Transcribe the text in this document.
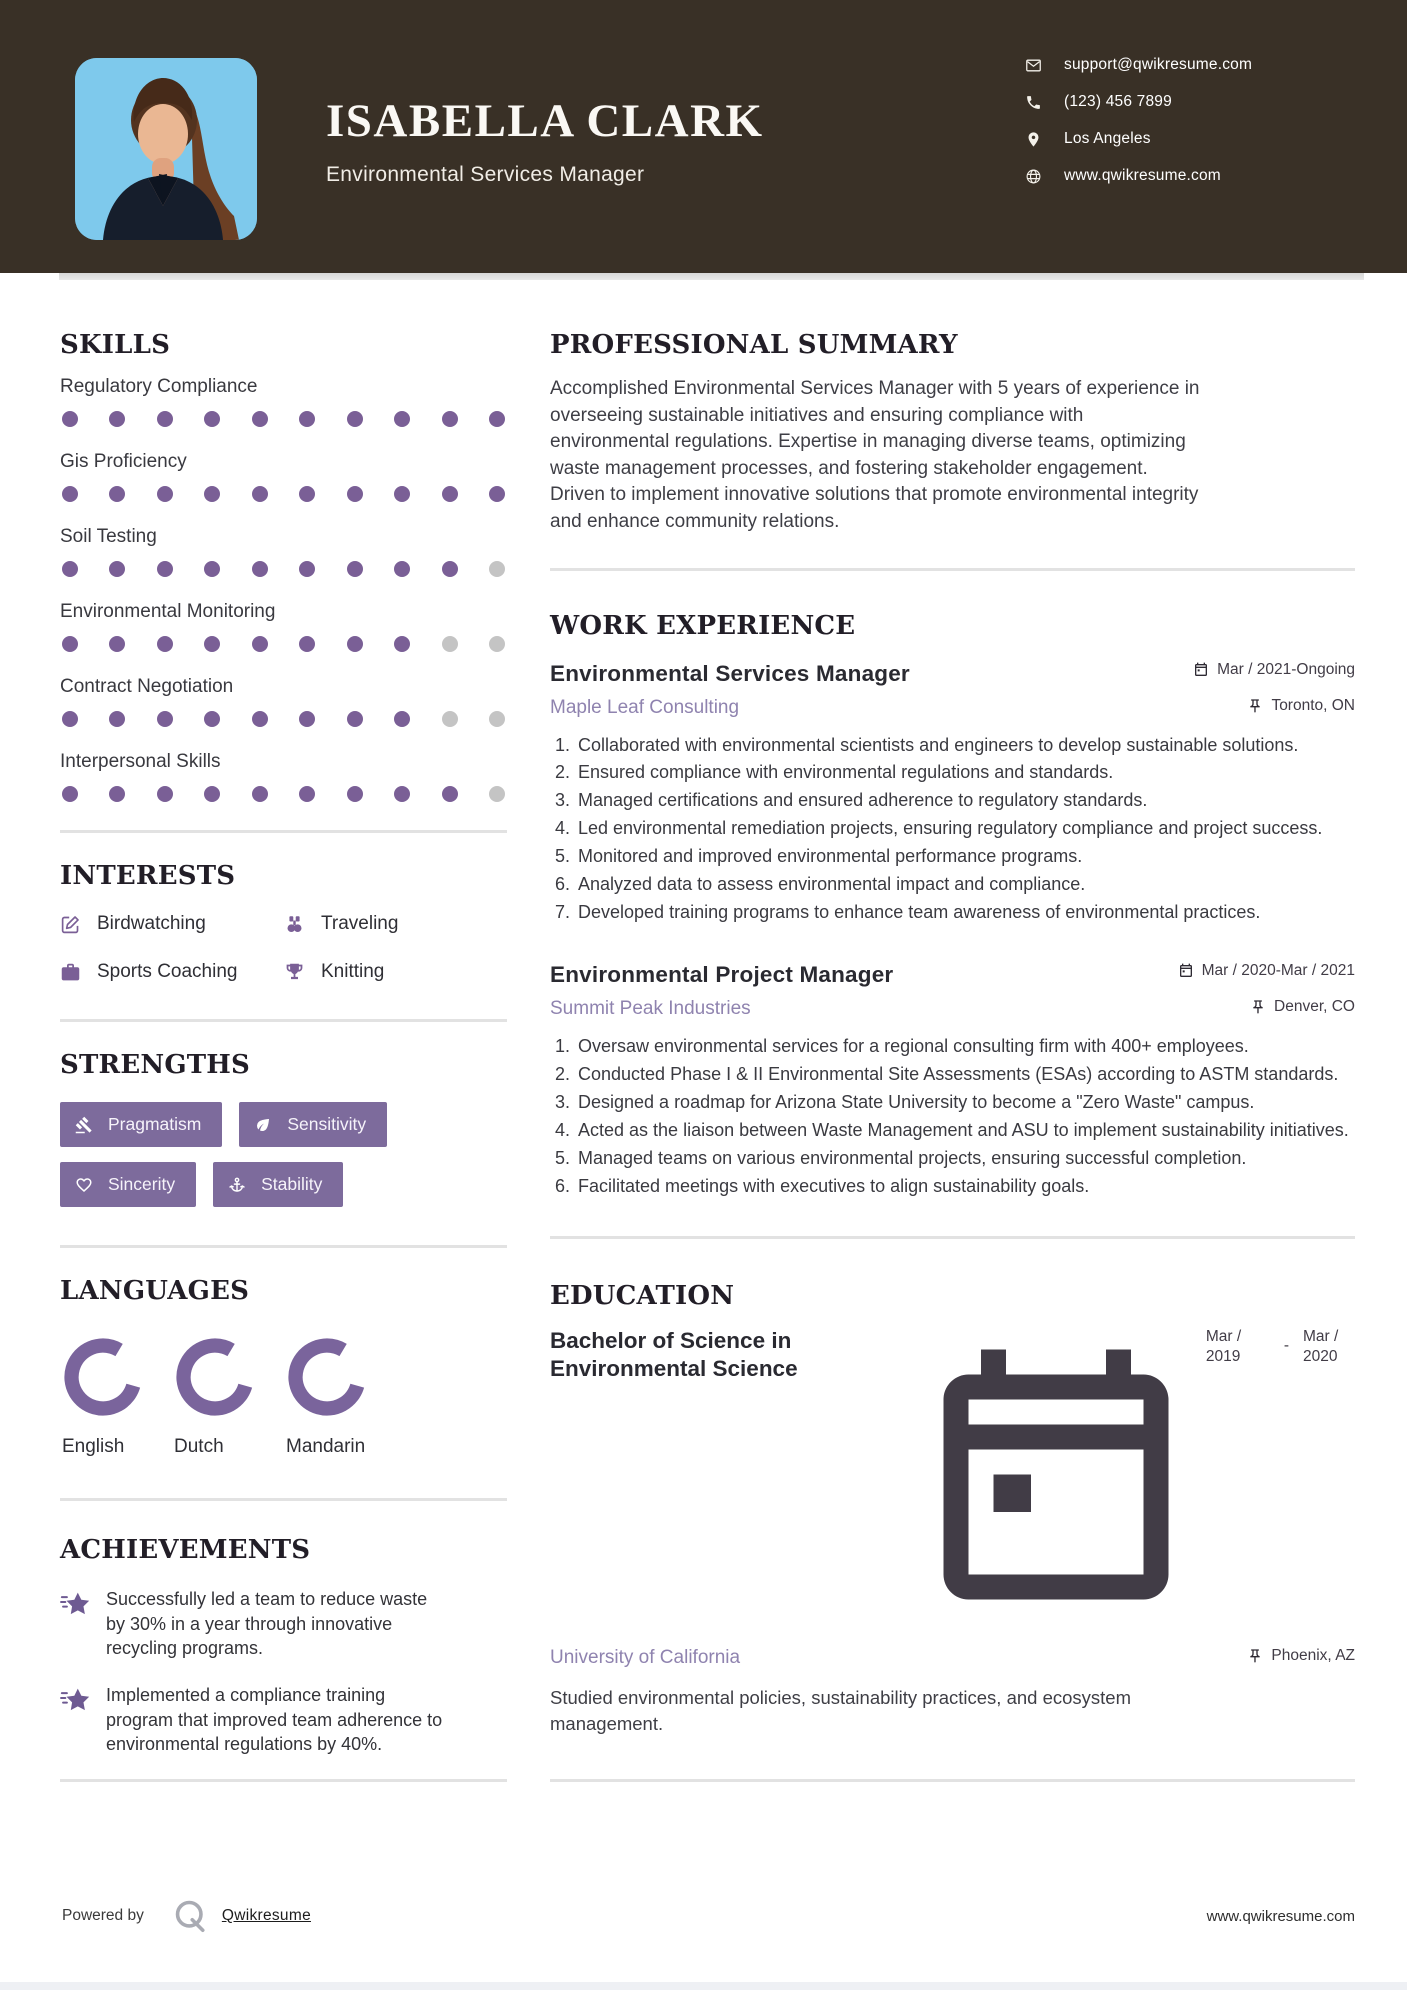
ISABELLA CLARK
Environmental Services Manager
support@qwikresume.com
(123) 456 7899
Los Angeles
www.qwikresume.com
SKILLS
Regulatory Compliance
Gis Proficiency
Soil Testing
Environmental Monitoring
Contract Negotiation
Interpersonal Skills
INTERESTS
Birdwatching	Traveling
Sports Coaching	Knitting
STRENGTHS
Pragmatism	Sensitivity
Sincerity	Stability
LANGUAGES
English	Dutch	Mandarin
ACHIEVEMENTS

Successfully led a team to reduce waste by 30% in a year through innovative recycling programs.

Implemented a compliance training program that improved team adherence to environmental regulations by 40%.

PROFESSIONAL SUMMARY

Accomplished Environmental Services Manager with 5 years of experience in overseeing sustainable initiatives and ensuring compliance with environmental regulations. Expertise in managing diverse teams, optimizing waste management processes, and fostering stakeholder engagement. Driven to implement innovative solutions that promote environmental integrity and enhance community relations.

WORK EXPERIENCE
Environmental Services Manager	Mar / 2021-Ongoing
Maple Leaf Consulting	Toronto, ON
1. Collaborated with environmental scientists and engineers to develop sustainable solutions.
2. Ensured compliance with environmental regulations and standards.
3. Managed certifications and ensured adherence to regulatory standards.
4. Led environmental remediation projects, ensuring regulatory compliance and project success.
5. Monitored and improved environmental performance programs.
6. Analyzed data to assess environmental impact and compliance.
7. Developed training programs to enhance team awareness of environmental practices.
Environmental Project Manager	Mar / 2020-Mar / 2021
Summit Peak Industries	Denver, CO
1. Oversaw environmental services for a regional consulting firm with 400+ employees.
2. Conducted Phase I & II Environmental Site Assessments (ESAs) according to ASTM standards.
3. Designed a roadmap for Arizona State University to become a "Zero Waste" campus.
4. Acted as the liaison between Waste Management and ASU to implement sustainability initiatives.
5. Managed teams on various environmental projects, ensuring successful completion.
6. Facilitated meetings with executives to align sustainability goals.
EDUCATION
Bachelor of Science in Environmental Science
Mar / 2019
-
Mar / 2020
University of California	Phoenix, AZ

Studied environmental policies, sustainability practices, and ecosystem management.

Powered by	Qwikresume	www.qwikresume.com
